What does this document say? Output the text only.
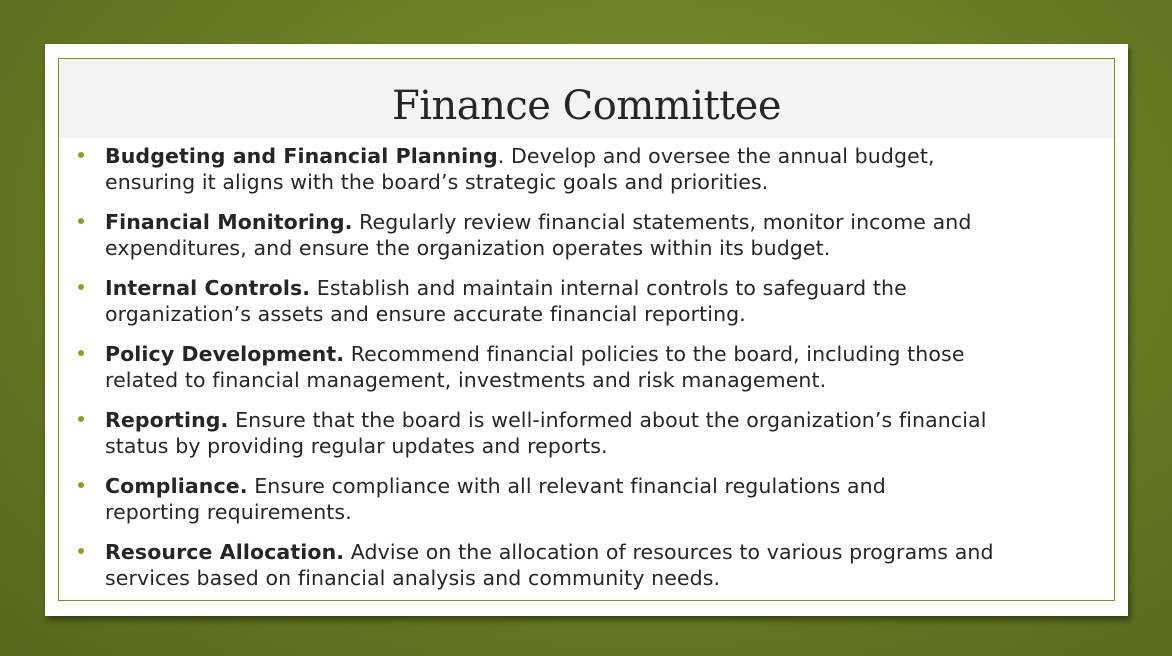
Finance Committee
Budgeting and Financial Planning. Develop and oversee the annual budget,
ensuring it aligns with the board’s strategic goals and priorities.
Financial Monitoring. Regularly review financial statements, monitor income and
expenditures, and ensure the organization operates within its budget.
Internal Controls. Establish and maintain internal controls to safeguard the
organization’s assets and ensure accurate financial reporting.
Policy Development. Recommend financial policies to the board, including those
related to financial management, investments and risk management.
Reporting. Ensure that the board is well-informed about the organization’s financial
status by providing regular updates and reports.
Compliance. Ensure compliance with all relevant financial regulations and
reporting requirements.
Resource Allocation. Advise on the allocation of resources to various programs and
services based on financial analysis and community needs.
